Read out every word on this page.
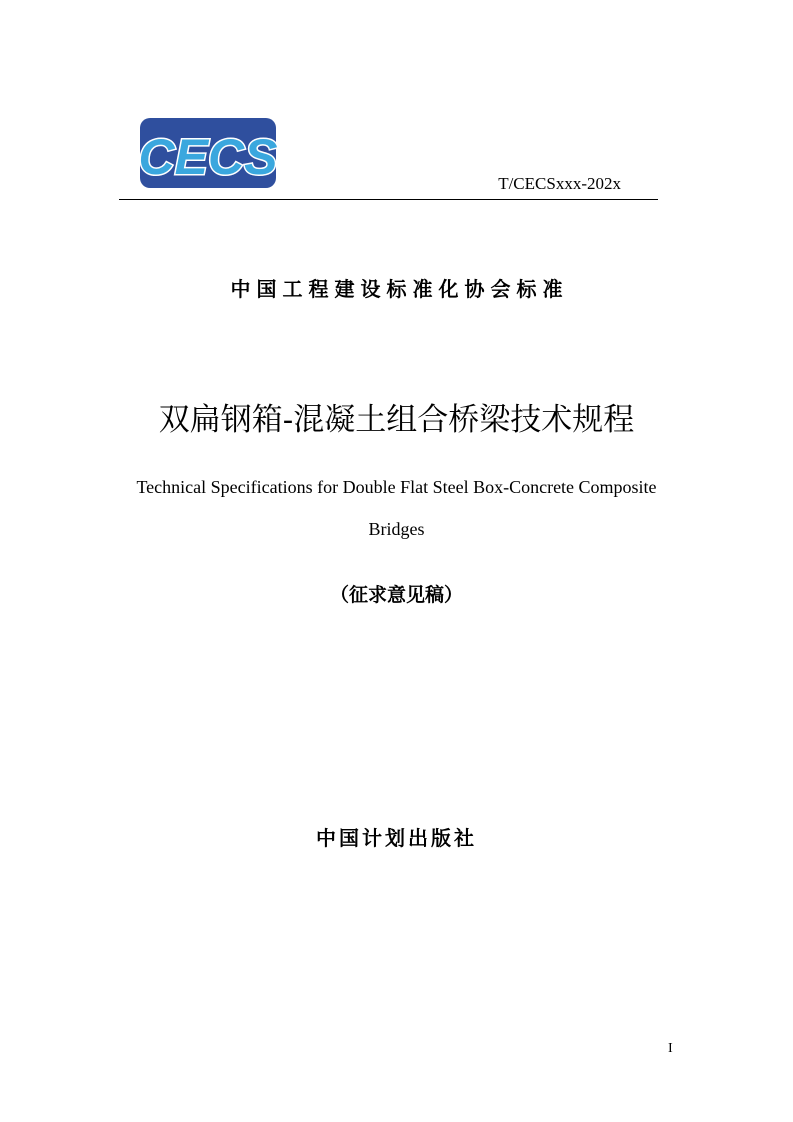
CECS	T/CECSxxx-202x
中国工程建设标准化协会标准
双扁钢箱-混凝土组合桥梁技术规程
Technical Specifications for Double Flat Steel Box-Concrete Composite Bridges
（征求意见稿）
中国计划出版社
I
